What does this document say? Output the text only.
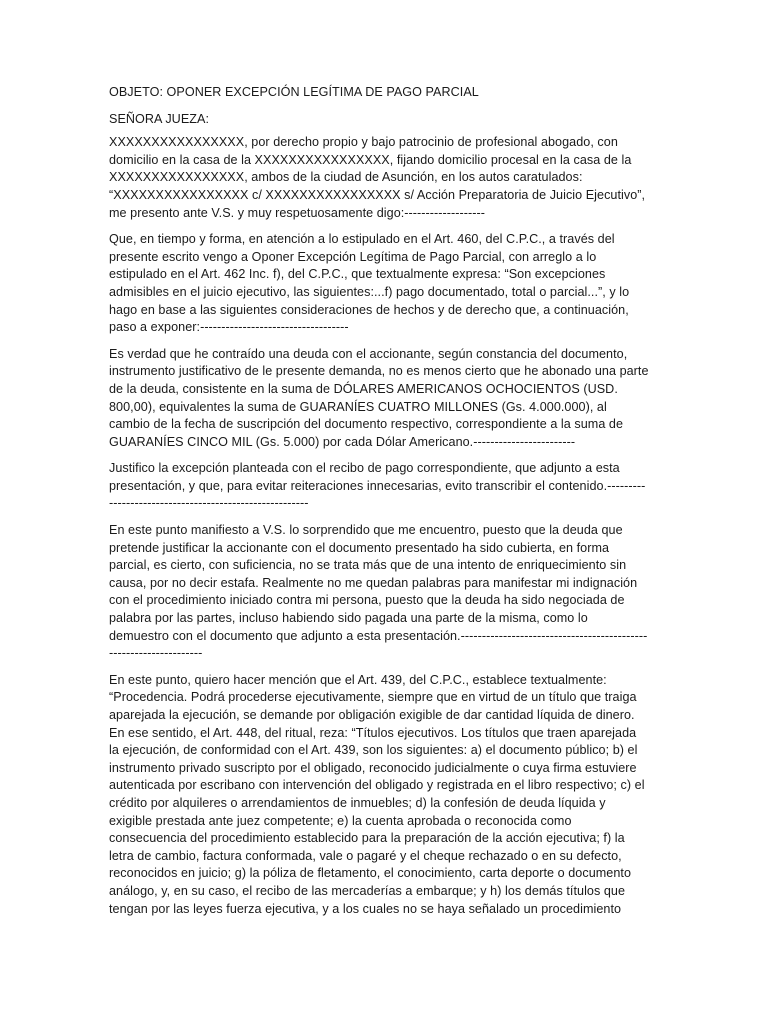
OBJETO: OPONER EXCEPCIÓN LEGÍTIMA DE PAGO PARCIAL

SEÑORA JUEZA:

XXXXXXXXXXXXXXXX, por derecho propio y bajo patrocinio de profesional abogado, con domicilio en la casa de la XXXXXXXXXXXXXXXX, fijando domicilio procesal en la casa de la XXXXXXXXXXXXXXXX, ambos de la ciudad de Asunción, en los autos caratulados: “XXXXXXXXXXXXXXXX c/ XXXXXXXXXXXXXXXX s/ Acción Preparatoria de Juicio Ejecutivo”, me presento ante V.S. y muy respetuosamente digo:-------------------

Que, en tiempo y forma, en atención a lo estipulado en el Art. 460, del C.P.C., a través del presente escrito vengo a Oponer Excepción Legítima de Pago Parcial, con arreglo a lo estipulado en el Art. 462 Inc. f), del C.P.C., que textualmente expresa: “Son excepciones admisibles en el juicio ejecutivo, las siguientes:...f) pago documentado, total o parcial...”, y lo hago en base a las siguientes consideraciones de hechos y de derecho que, a continuación, paso a exponer:-----------------------------------

Es verdad que he contraído una deuda con el accionante, según constancia del documento, instrumento justificativo de le presente demanda, no es menos cierto que he abonado una parte de la deuda, consistente en la suma de DÓLARES AMERICANOS OCHOCIENTOS (USD. 800,00), equivalentes la suma de GUARANÍES CUATRO MILLONES (Gs. 4.000.000), al cambio de la fecha de suscripción del documento respectivo, correspondiente a la suma de GUARANÍES CINCO MIL (Gs. 5.000) por cada Dólar Americano.------------------------

Justifico la excepción planteada con el recibo de pago correspondiente, que adjunto a esta presentación, y que, para evitar reiteraciones innecesarias, evito transcribir el contenido.--------------------------------------------------------

En este punto manifiesto a V.S. lo sorprendido que me encuentro, puesto que la deuda que pretende justificar la accionante con el documento presentado ha sido cubierta, en forma parcial, es cierto, con suficiencia, no se trata más que de una intento de enriquecimiento sin causa, por no decir estafa. Realmente no me quedan palabras para manifestar mi indignación con el procedimiento iniciado contra mi persona, puesto que la deuda ha sido negociada de palabra por las partes, incluso habiendo sido pagada una parte de la misma, como lo demuestro con el documento que adjunto a esta presentación.------------------------------------------------------------------

En este punto, quiero hacer mención que el Art. 439, del C.P.C., establece textualmente: “Procedencia. Podrá procederse ejecutivamente, siempre que en virtud de un título que traiga aparejada la ejecución, se demande por obligación exigible de dar cantidad líquida de dinero. En ese sentido, el Art. 448, del ritual, reza: “Títulos ejecutivos. Los títulos que traen aparejada la ejecución, de conformidad con el Art. 439, son los siguientes: a) el documento público; b) el instrumento privado suscripto por el obligado, reconocido judicialmente o cuya firma estuviere autenticada por escribano con intervención del obligado y registrada en el libro respectivo; c) el crédito por alquileres o arrendamientos de inmuebles; d) la confesión de deuda líquida y exigible prestada ante juez competente; e) la cuenta aprobada o reconocida como consecuencia del procedimiento establecido para la preparación de la acción ejecutiva; f) la letra de cambio, factura conformada, vale o pagaré y el cheque rechazado o en su defecto, reconocidos en juicio; g) la póliza de fletamento, el conocimiento, carta deporte o documento análogo, y, en su caso, el recibo de las mercaderías a embarque; y h) los demás títulos que tengan por las leyes fuerza ejecutiva, y a los cuales no se haya señalado un procedimiento
